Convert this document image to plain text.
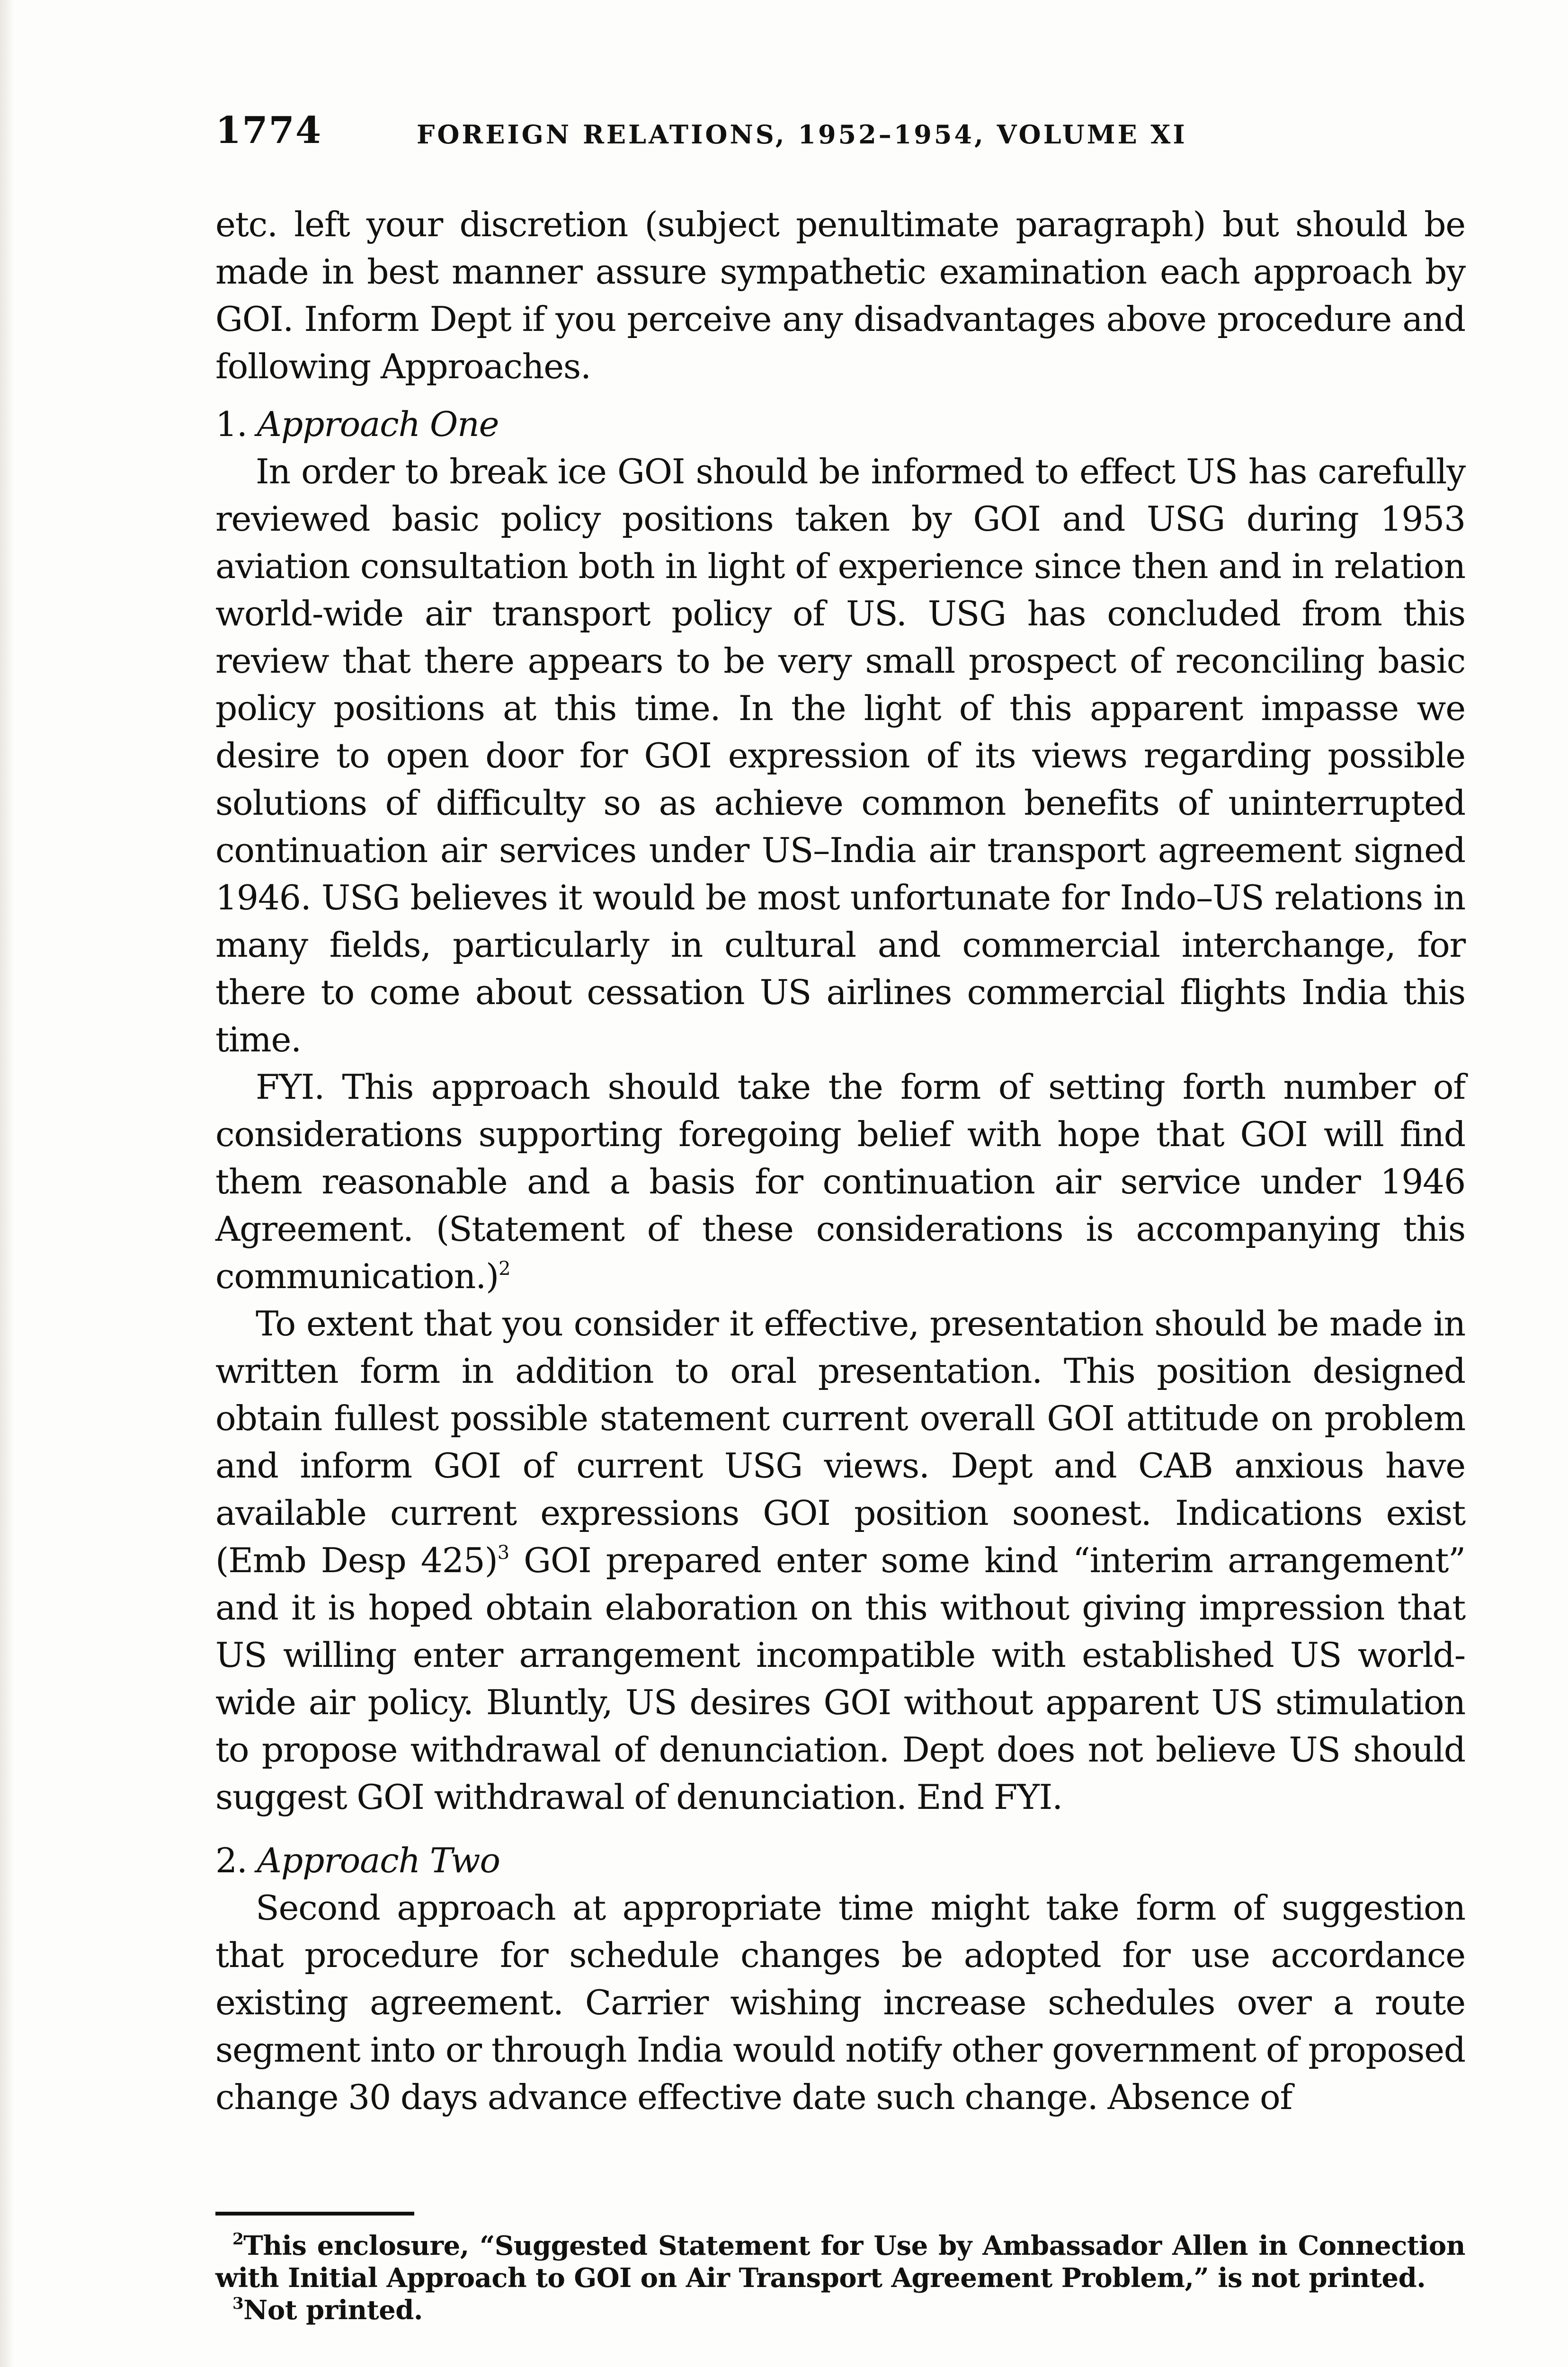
1774	FOREIGN RELATIONS, 1952–1954, VOLUME XI

etc. left your discretion (subject penultimate paragraph) but should be made in best manner assure sympathetic examination each approach by GOI. Inform Dept if you perceive any disadvantages above procedure and following Approaches.

1. Approach One

In order to break ice GOI should be informed to effect US has carefully reviewed basic policy positions taken by GOI and USG during 1953 aviation consultation both in light of experience since then and in relation world-wide air transport policy of US. USG has concluded from this review that there appears to be very small prospect of reconciling basic policy positions at this time. In the light of this apparent impasse we desire to open door for GOI expression of its views regarding possible solutions of difficulty so as achieve common benefits of uninterrupted continuation air services under US–India air transport agreement signed 1946. USG believes it would be most unfortunate for Indo–US relations in many fields, particularly in cultural and commercial interchange, for there to come about cessation US airlines commercial flights India this time.

FYI. This approach should take the form of setting forth number of considerations supporting foregoing belief with hope that GOI will find them reasonable and a basis for continuation air service under 1946 Agreement. (Statement of these considerations is accompanying this communication.)$^2$

To extent that you consider it effective, presentation should be made in written form in addition to oral presentation. This position designed obtain fullest possible statement current overall GOI attitude on problem and inform GOI of current USG views. Dept and CAB anxious have available current expressions GOI position soonest. Indications exist (Emb Desp 425)$^3$ GOI prepared enter some kind “interim arrangement” and it is hoped obtain elaboration on this without giving impression that US willing enter arrangement incompatible with established US world-wide air policy. Bluntly, US desires GOI without apparent US stimulation to propose withdrawal of denunciation. Dept does not believe US should suggest GOI withdrawal of denunciation. End FYI.

2. Approach Two

Second approach at appropriate time might take form of suggestion that procedure for schedule changes be adopted for use accordance existing agreement. Carrier wishing increase schedules over a route segment into or through India would notify other government of proposed change 30 days advance effective date such change. Absence of

$^2$This enclosure, “Suggested Statement for Use by Ambassador Allen in Connection with Initial Approach to GOI on Air Transport Agreement Problem,” is not printed.

$^3$Not printed.
